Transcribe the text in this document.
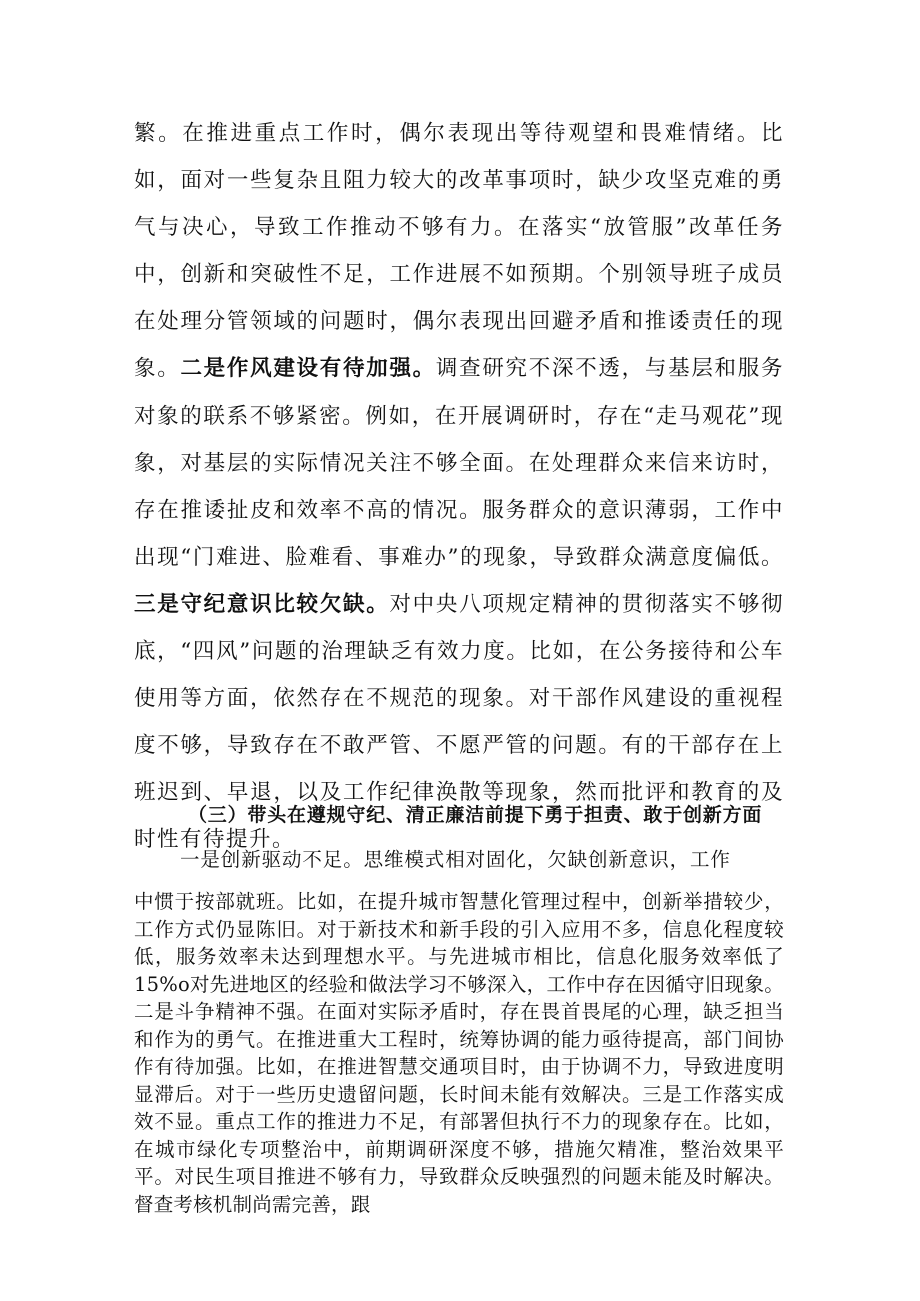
繁。在推进重点工作时，偶尔表现出等待观望和畏难情绪。比如，面对一些复杂且阻力较大的改革事项时，缺少攻坚克难的勇气与决心，导致工作推动不够有力。在落实“放管服”改革任务中，创新和突破性不足，工作进展不如预期。个别领导班子成员在处理分管领域的问题时，偶尔表现出回避矛盾和推诿责任的现象。二是作风建设有待加强。调查研究不深不透，与基层和服务对象的联系不够紧密。例如，在开展调研时，存在“走马观花”现象，对基层的实际情况关注不够全面。在处理群众来信来访时，存在推诿扯皮和效率不高的情况。服务群众的意识薄弱，工作中出现“门难进、脸难看、事难办”的现象，导致群众满意度偏低。三是守纪意识比较欠缺。对中央八项规定精神的贯彻落实不够彻底，“四风”问题的治理缺乏有效力度。比如，在公务接待和公车使用等方面，依然存在不规范的现象。对干部作风建设的重视程度不够，导致存在不敢严管、不愿严管的问题。有的干部存在上班迟到、早退，以及工作纪律涣散等现象，然而批评和教育的及时性有待提升。

（三）带头在遵规守纪、清正廉洁前提下勇于担责、敢于创新方面

一是创新驱动不足。思维模式相对固化，欠缺创新意识，工作

中惯于按部就班。比如，在提升城市智慧化管理过程中，创新举措较少，工作方式仍显陈旧。对于新技术和新手段的引入应用不多，信息化程度较低，服务效率未达到理想水平。与先进城市相比，信息化服务效率低了15%o对先进地区的经验和做法学习不够深入，工作中存在因循守旧现象。二是斗争精神不强。在面对实际矛盾时，存在畏首畏尾的心理，缺乏担当和作为的勇气。在推进重大工程时，统筹协调的能力亟待提高，部门间协作有待加强。比如，在推进智慧交通项目时，由于协调不力，导致进度明显滞后。对于一些历史遗留问题，长时间未能有效解决。三是工作落实成效不显。重点工作的推进力不足，有部署但执行不力的现象存在。比如，在城市绿化专项整治中，前期调研深度不够，措施欠精准，整治效果平平。对民生项目推进不够有力，导致群众反映强烈的问题未能及时解决。督查考核机制尚需完善，跟
